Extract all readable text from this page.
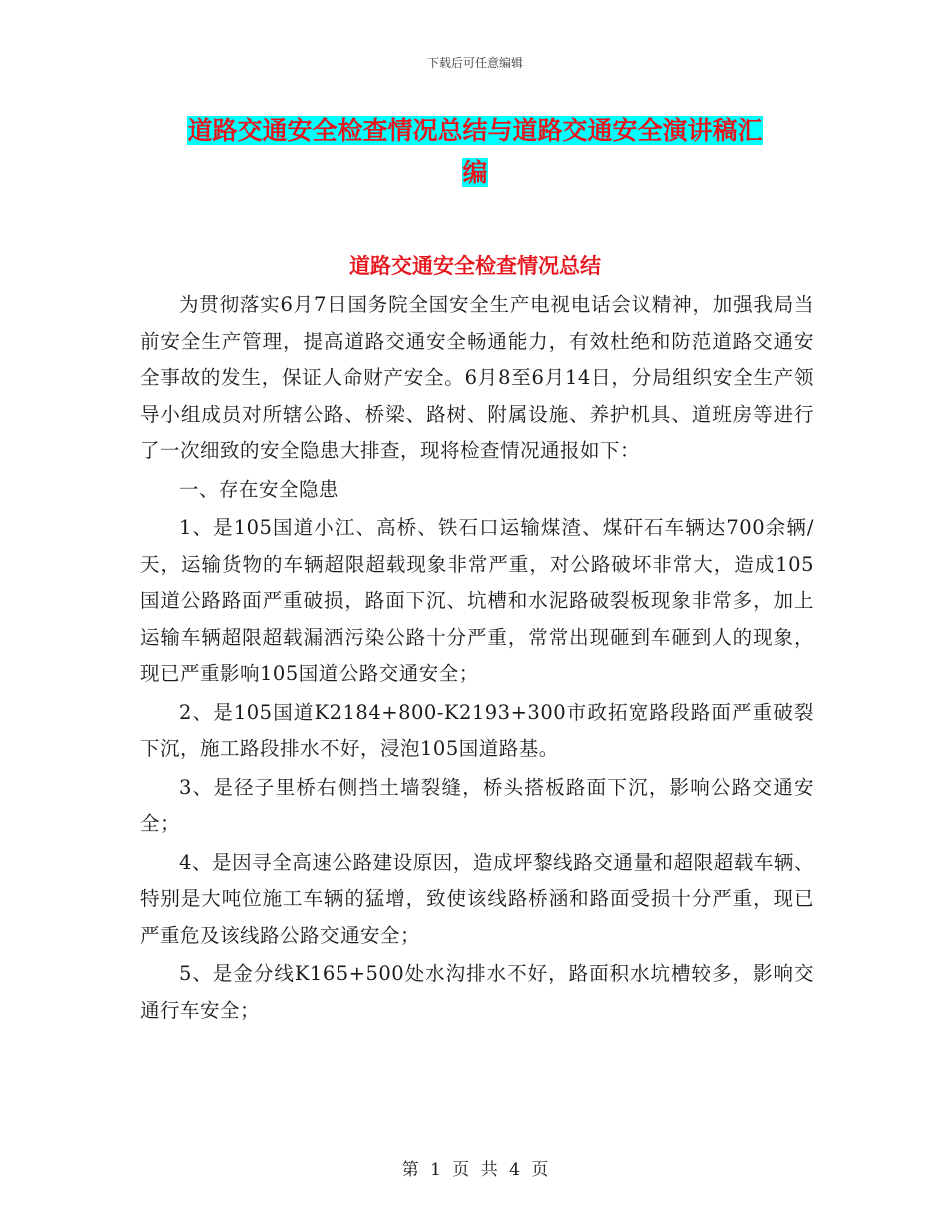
下载后可任意编辑
道路交通安全检查情况总结与道路交通安全演讲稿汇
编
道路交通安全检查情况总结

为贯彻落实6月7日国务院全国安全生产电视电话会议精神，加强我局当前安全生产管理，提高道路交通安全畅通能力，有效杜绝和防范道路交通安全事故的发生，保证人命财产安全。6月8至6月14日，分局组织安全生产领导小组成员对所辖公路、桥梁、路树、附属设施、养护机具、道班房等进行了一次细致的安全隐患大排查，现将检查情况通报如下：

一、存在安全隐患

1、是105国道小江、高桥、铁石口运输煤渣、煤矸石车辆达700余辆/天，运输货物的车辆超限超载现象非常严重，对公路破坏非常大，造成105国道公路路面严重破损，路面下沉、坑槽和水泥路破裂板现象非常多，加上运输车辆超限超载漏洒污染公路十分严重，常常出现砸到车砸到人的现象，现已严重影响105国道公路交通安全；

2、是105国道K2184+800-K2193+300市政拓宽路段路面严重破裂下沉，施工路段排水不好，浸泡105国道路基。

3、是径子里桥右侧挡土墙裂缝，桥头搭板路面下沉，影响公路交通安全；

4、是因寻全高速公路建设原因，造成坪黎线路交通量和超限超载车辆、特别是大吨位施工车辆的猛增，致使该线路桥涵和路面受损十分严重，现已严重危及该线路公路交通安全；

5、是金分线K165+500处水沟排水不好，路面积水坑槽较多，影响交通行车安全；

第 1 页 共 4 页
